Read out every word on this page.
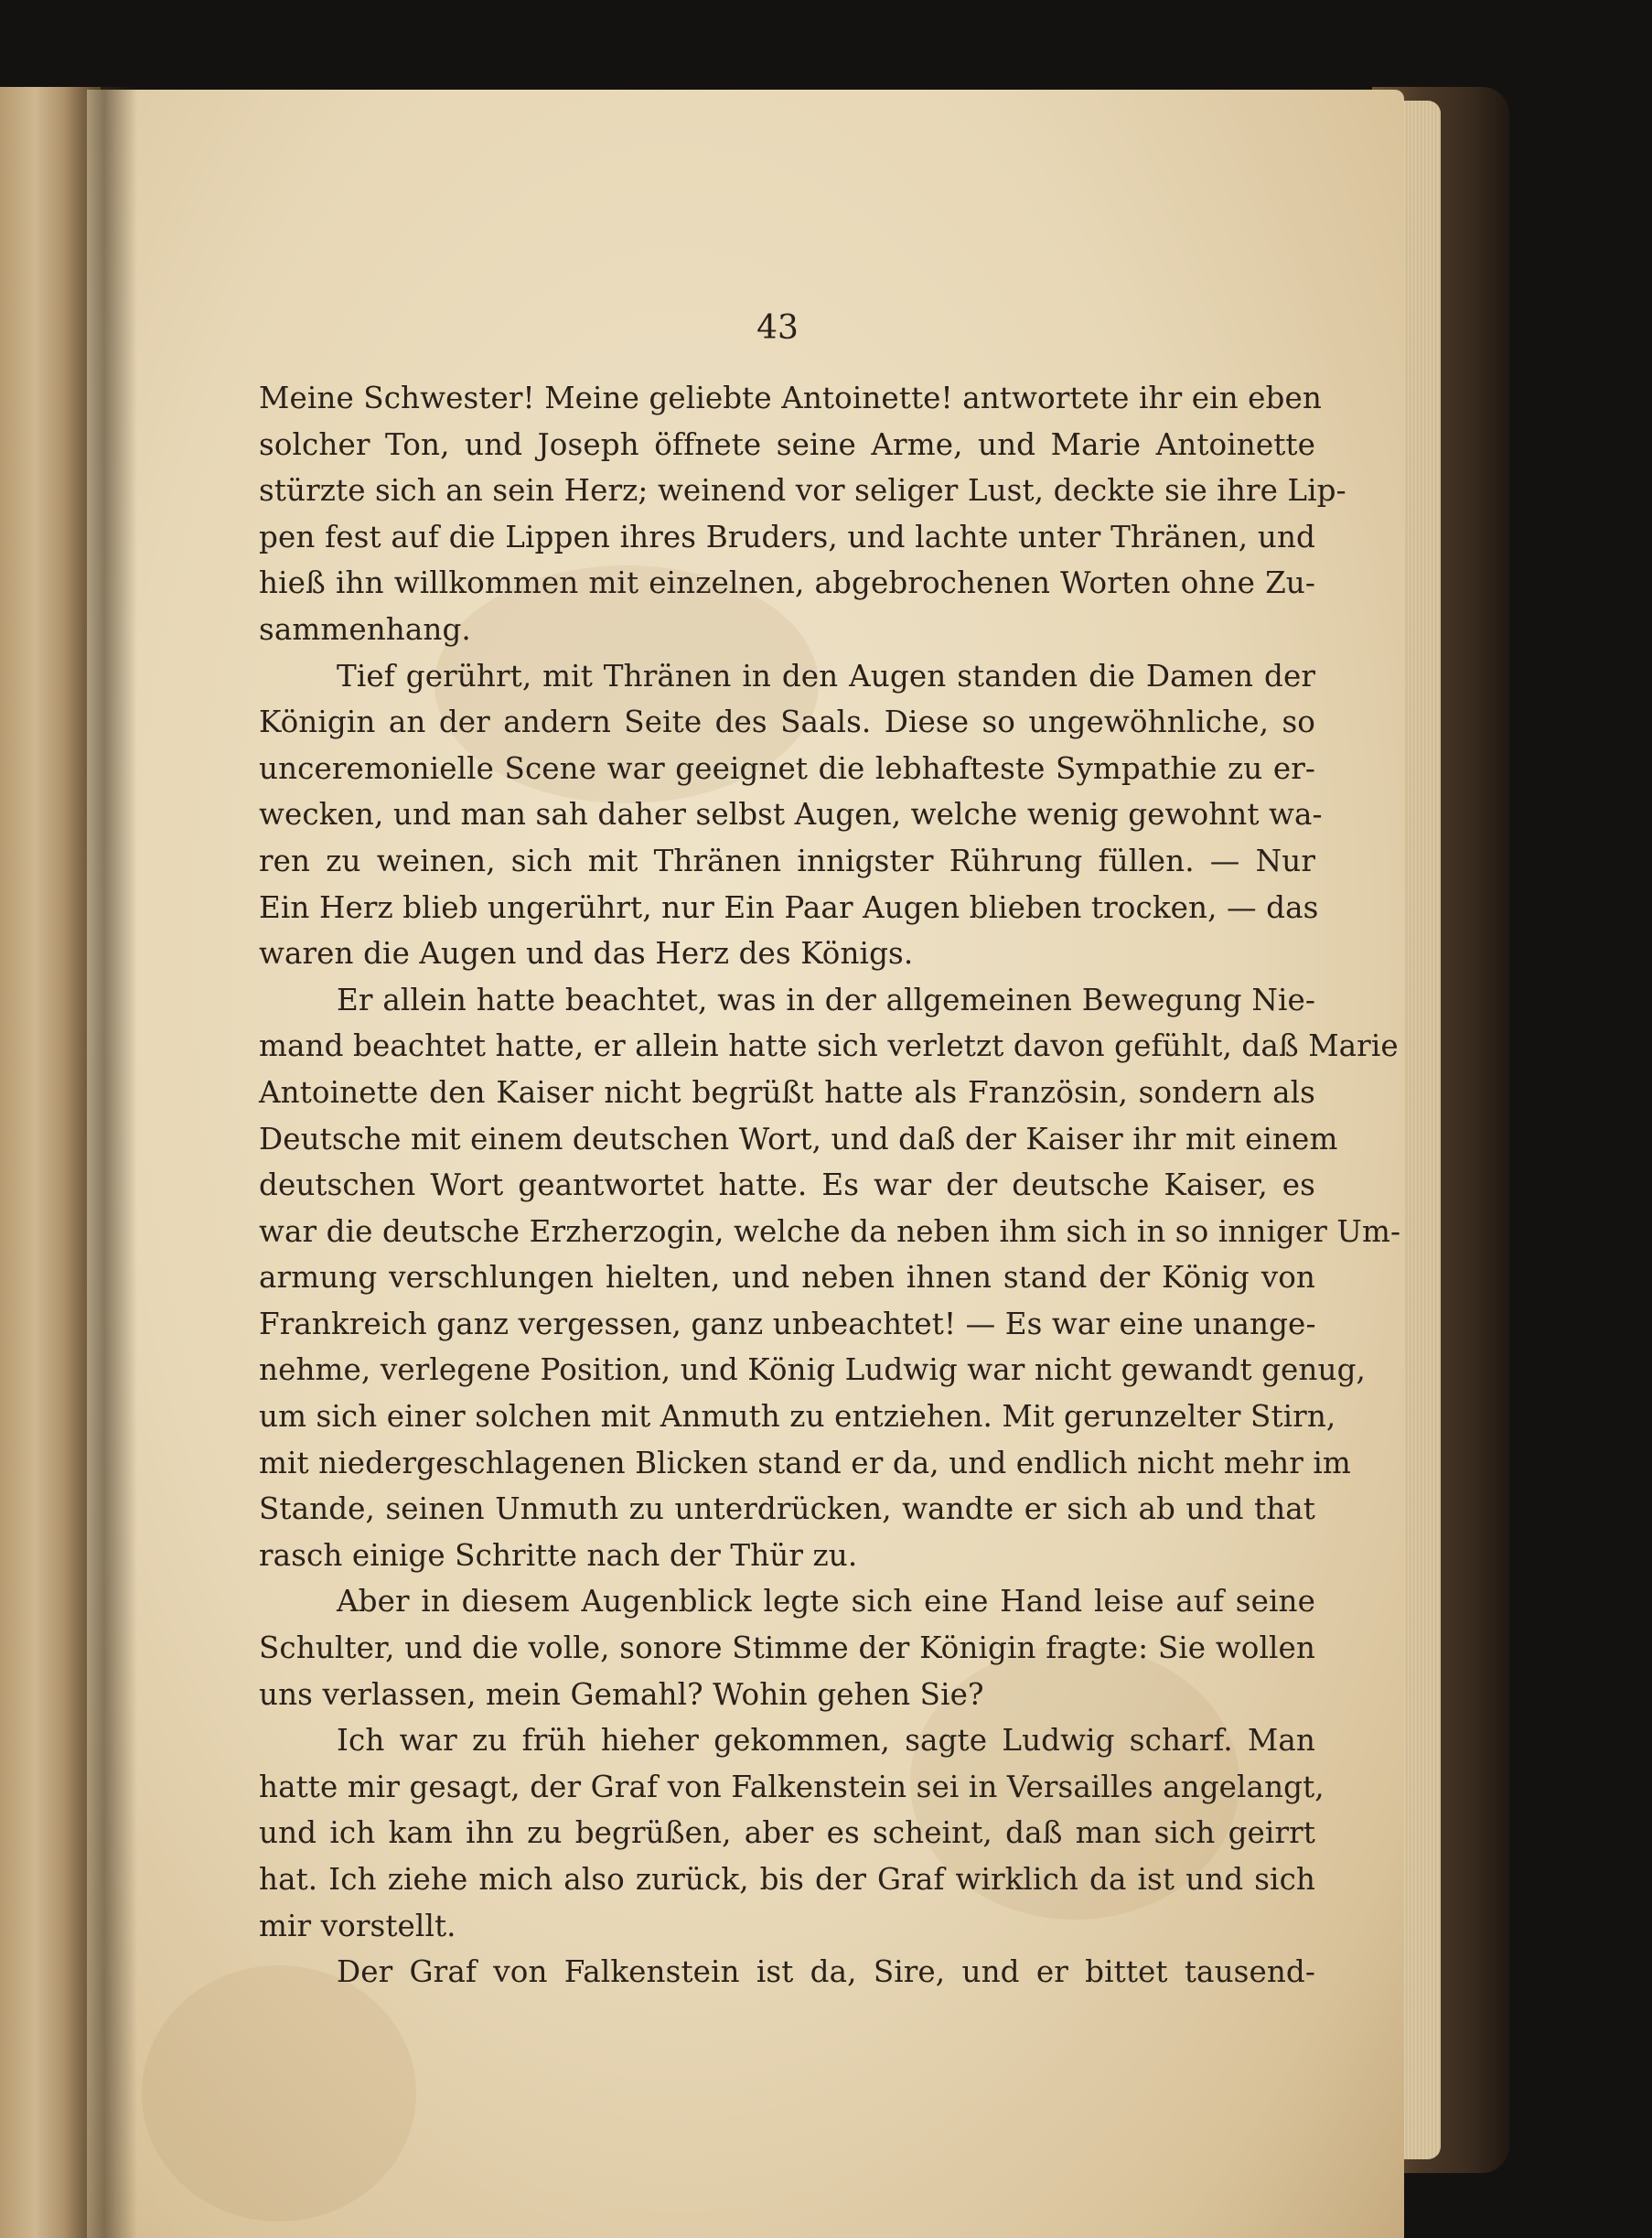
43
Meine Schwester! Meine geliebte Antoinette! antwortete ihr ein eben
solcher Ton, und Joseph öffnete seine Arme, und Marie Antoinette
stürzte sich an sein Herz; weinend vor seliger Lust, deckte sie ihre Lip-
pen fest auf die Lippen ihres Bruders, und lachte unter Thränen, und
hieß ihn willkommen mit einzelnen, abgebrochenen Worten ohne Zu-
sammenhang.
Tief gerührt, mit Thränen in den Augen standen die Damen der
Königin an der andern Seite des Saals. Diese so ungewöhnliche, so
unceremonielle Scene war geeignet die lebhafteste Sympathie zu er-
wecken, und man sah daher selbst Augen, welche wenig gewohnt wa-
ren zu weinen, sich mit Thränen innigster Rührung füllen. — Nur
Ein Herz blieb ungerührt, nur Ein Paar Augen blieben trocken, — das
waren die Augen und das Herz des Königs.
Er allein hatte beachtet, was in der allgemeinen Bewegung Nie-
mand beachtet hatte, er allein hatte sich verletzt davon gefühlt, daß Marie
Antoinette den Kaiser nicht begrüßt hatte als Französin, sondern als
Deutsche mit einem deutschen Wort, und daß der Kaiser ihr mit einem
deutschen Wort geantwortet hatte. Es war der deutsche Kaiser, es
war die deutsche Erzherzogin, welche da neben ihm sich in so inniger Um-
armung verschlungen hielten, und neben ihnen stand der König von
Frankreich ganz vergessen, ganz unbeachtet! — Es war eine unange-
nehme, verlegene Position, und König Ludwig war nicht gewandt genug,
um sich einer solchen mit Anmuth zu entziehen. Mit gerunzelter Stirn,
mit niedergeschlagenen Blicken stand er da, und endlich nicht mehr im
Stande, seinen Unmuth zu unterdrücken, wandte er sich ab und that
rasch einige Schritte nach der Thür zu.
Aber in diesem Augenblick legte sich eine Hand leise auf seine
Schulter, und die volle, sonore Stimme der Königin fragte: Sie wollen
uns verlassen, mein Gemahl? Wohin gehen Sie?
Ich war zu früh hieher gekommen, sagte Ludwig scharf. Man
hatte mir gesagt, der Graf von Falkenstein sei in Versailles angelangt,
und ich kam ihn zu begrüßen, aber es scheint, daß man sich geirrt
hat. Ich ziehe mich also zurück, bis der Graf wirklich da ist und sich
mir vorstellt.
Der Graf von Falkenstein ist da, Sire, und er bittet tausend-
